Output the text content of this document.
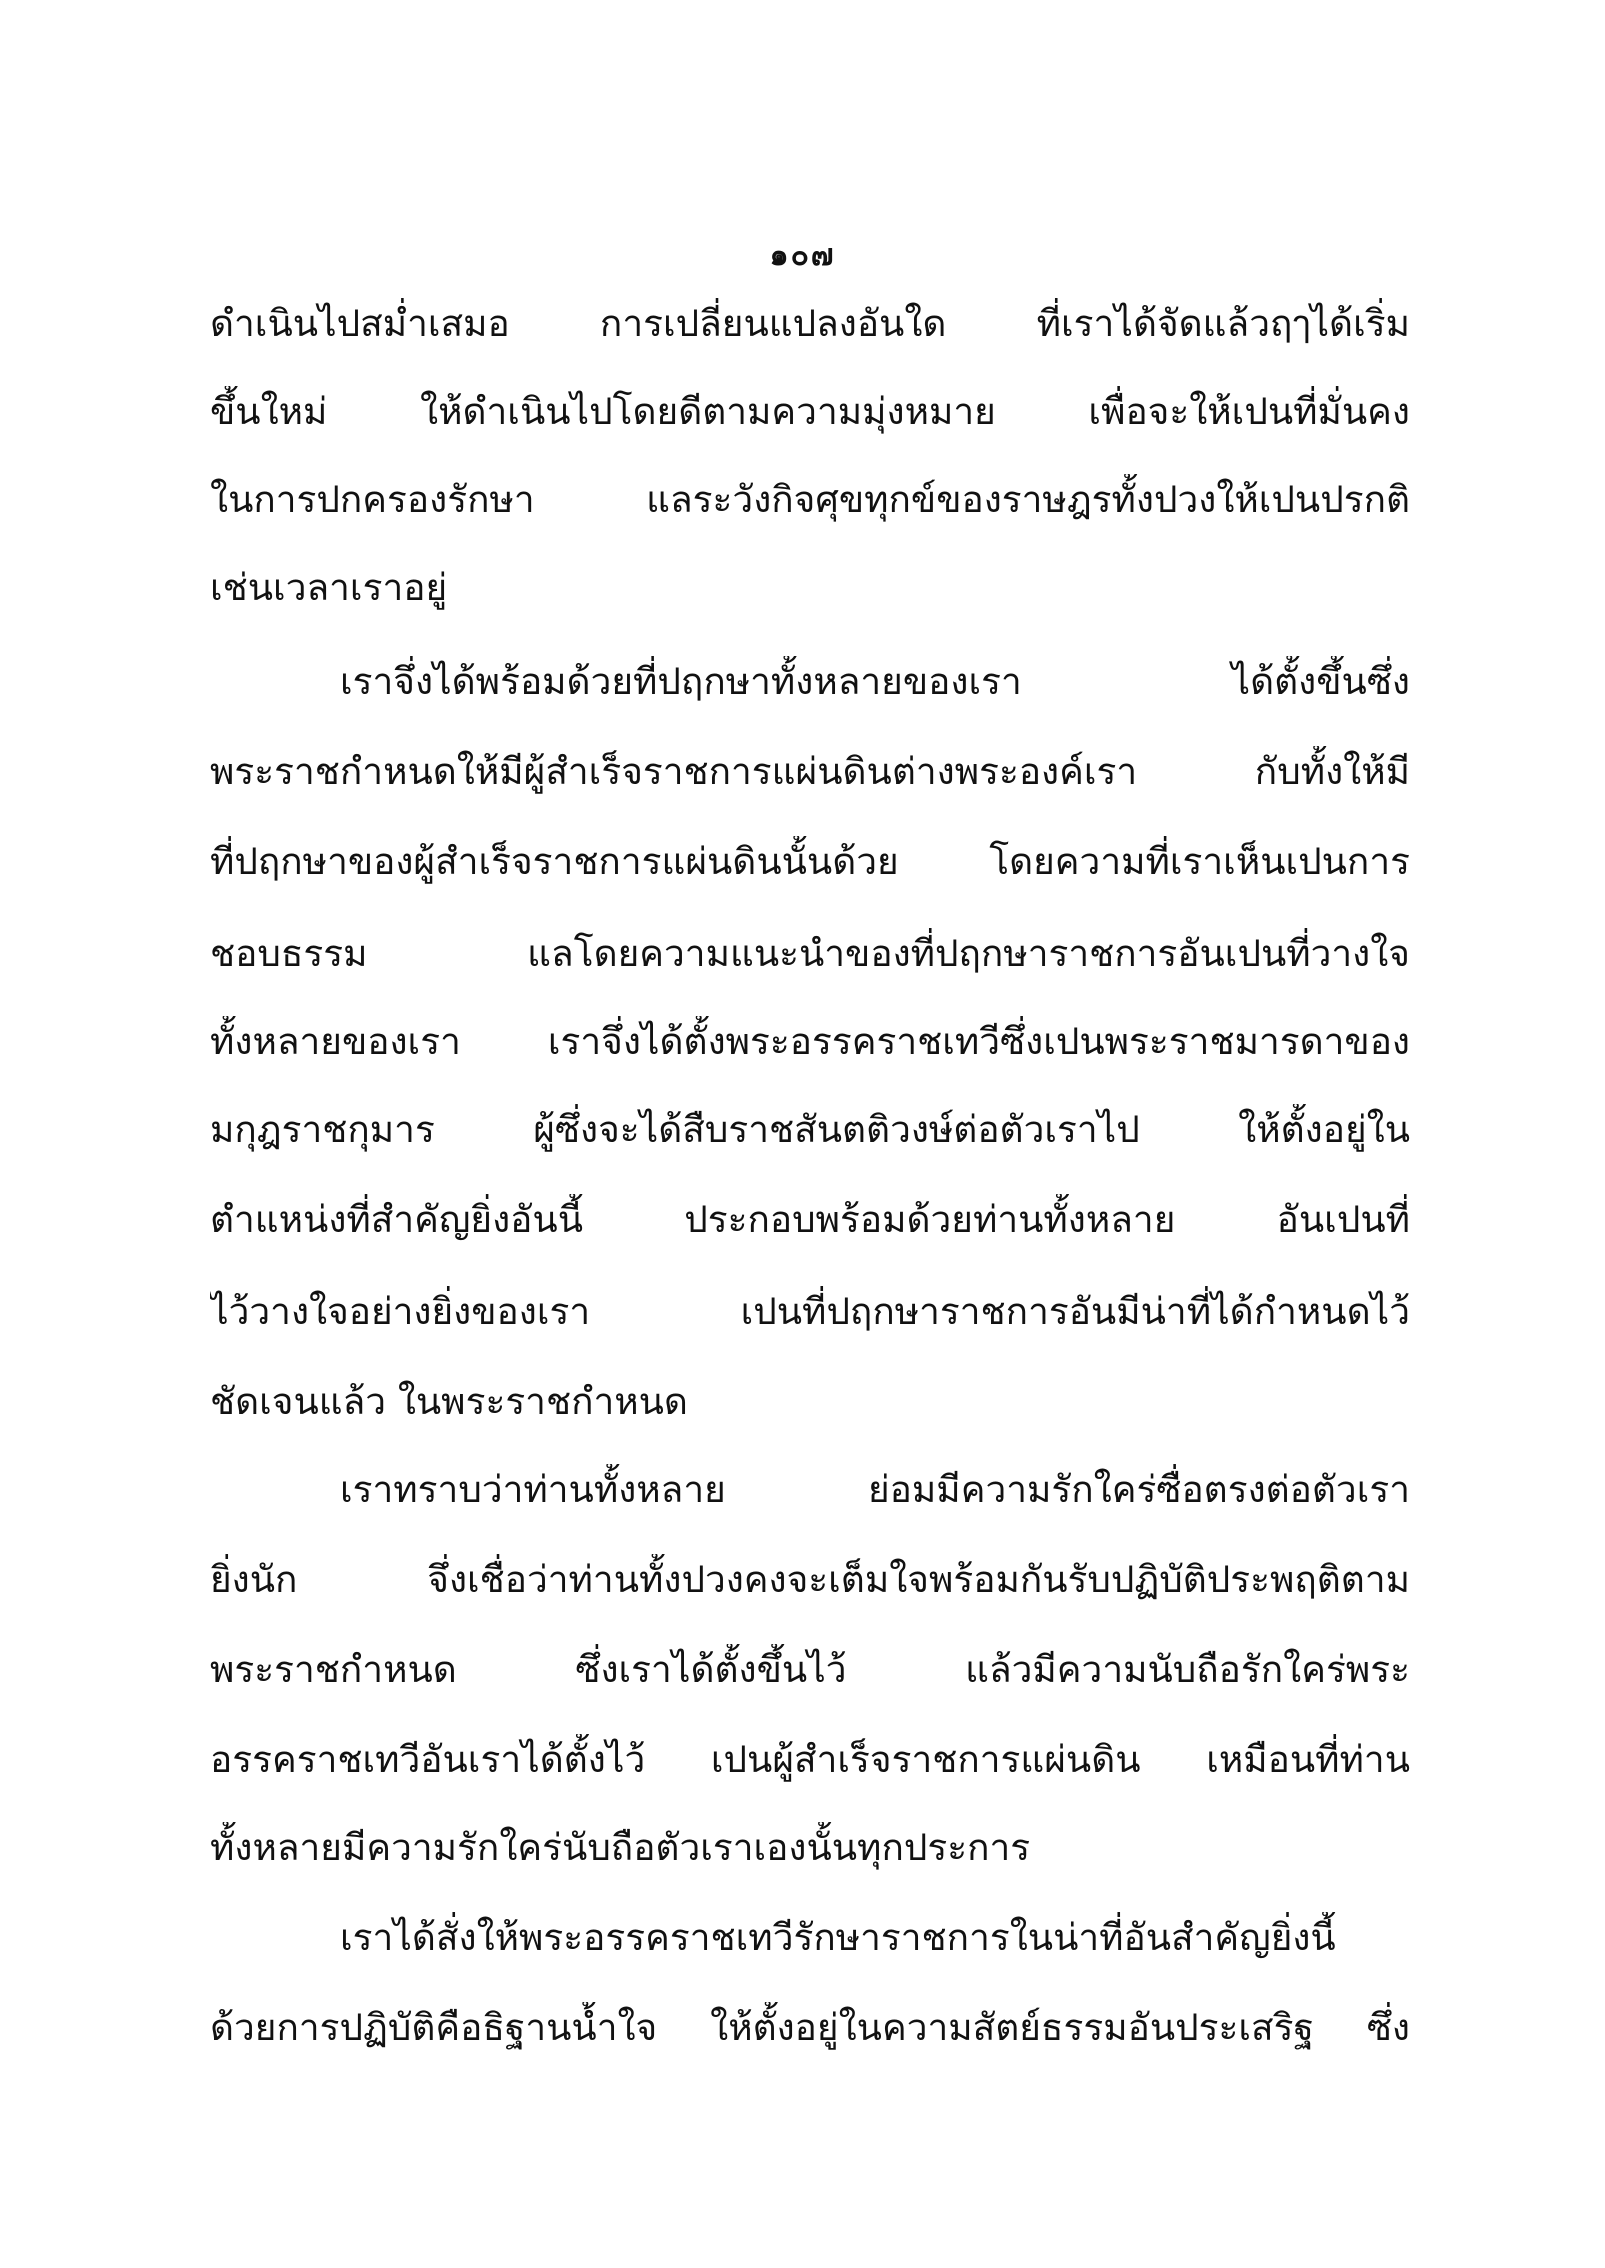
๑๐๗
ดำเนินไปสม่ำเสมอ การเปลี่ยนแปลงอันใด ที่เราได้จัดแล้วฤๅได้เริ่ม
ขึ้นใหม่ ให้ดำเนินไปโดยดีตามความมุ่งหมาย เพื่อจะให้เปนที่มั่นคง
ในการปกครองรักษา แลระวังกิจศุขทุกข์ของราษฎรทั้งปวงให้เปนปรกติ
เช่นเวลาเราอยู่
เราจึ่งได้พร้อมด้วยที่ปฤกษาทั้งหลายของเรา ได้ตั้งขึ้นซึ่ง
พระราชกำหนดให้มีผู้สำเร็จราชการแผ่นดินต่างพระองค์เรา กับทั้งให้มี
ที่ปฤกษาของผู้สำเร็จราชการแผ่นดินนั้นด้วย โดยความที่เราเห็นเปนการ
ชอบธรรม แลโดยความแนะนำของที่ปฤกษาราชการอันเปนที่วางใจ
ทั้งหลายของเรา เราจึ่งได้ตั้งพระอรรคราชเทวีซึ่งเปนพระราชมารดาของ
มกุฎราชกุมาร ผู้ซึ่งจะได้สืบราชสันตติวงษ์ต่อตัวเราไป ให้ตั้งอยู่ใน
ตำแหน่งที่สำคัญยิ่งอันนี้ ประกอบพร้อมด้วยท่านทั้งหลาย อันเปนที่
ไว้วางใจอย่างยิ่งของเรา เปนที่ปฤกษาราชการอันมีน่าที่ได้กำหนดไว้
ชัดเจนแล้ว ในพระราชกำหนด
เราทราบว่าท่านทั้งหลาย ย่อมมีความรักใคร่ซื่อตรงต่อตัวเรา
ยิ่งนัก จึ่งเชื่อว่าท่านทั้งปวงคงจะเต็มใจพร้อมกันรับปฏิบัติประพฤติตาม
พระราชกำหนด ซึ่งเราได้ตั้งขึ้นไว้ แล้วมีความนับถือรักใคร่พระ
อรรคราชเทวีอันเราได้ตั้งไว้ เปนผู้สำเร็จราชการแผ่นดิน เหมือนที่ท่าน
ทั้งหลายมีความรักใคร่นับถือตัวเราเองนั้นทุกประการ
เราได้สั่งให้พระอรรคราชเทวีรักษาราชการในน่าที่อันสำคัญยิ่งนี้
ด้วยการปฏิบัติคือธิฐานน้ำใจ ให้ตั้งอยู่ในความสัตย์ธรรมอันประเสริฐ ซึ่ง
